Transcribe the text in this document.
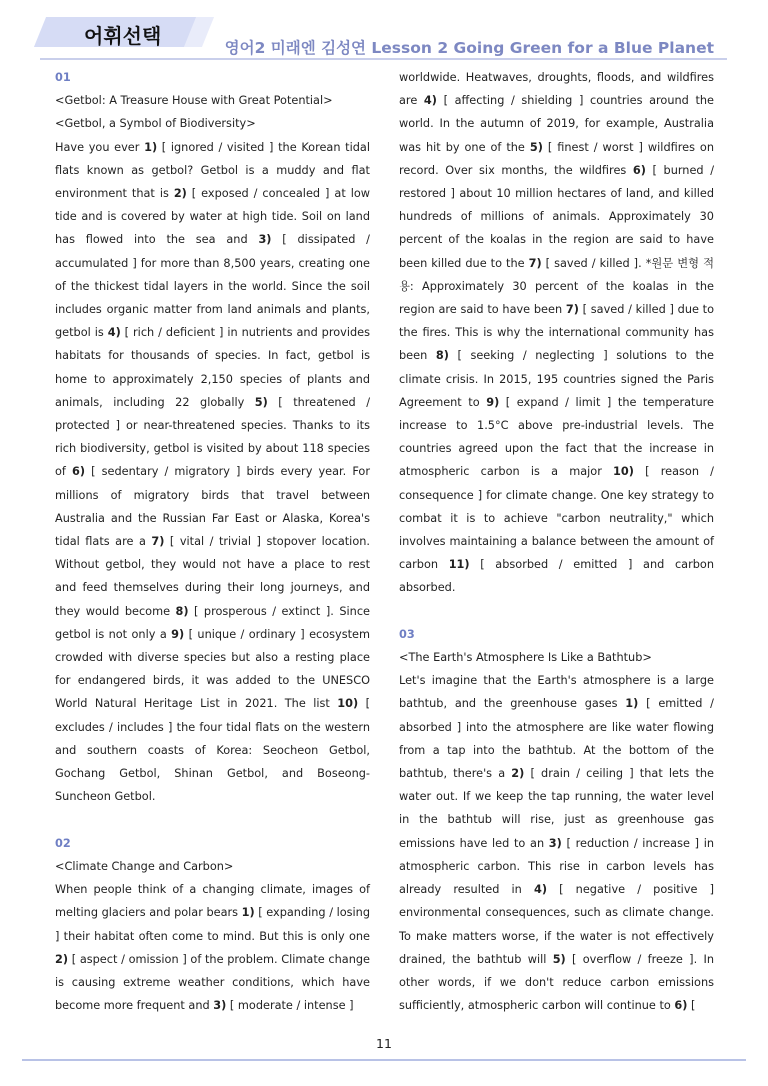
어휘선택	영어2 미래엔 김성연 Lesson 2 Going Green for a Blue Planet

01

<Getbol: A Treasure House with Great Potential>

<Getbol, a Symbol of Biodiversity>

Have you ever 1) [ ignored / visited ] the Korean tidal flats known as getbol? Getbol is a muddy and flat environment that is 2) [ exposed / concealed ] at low tide and is covered by water at high tide. Soil on land has flowed into the sea and 3) [ dissipated / accumulated ] for more than 8,500 years, creating one of the thickest tidal layers in the world. Since the soil includes organic matter from land animals and plants, getbol is 4) [ rich / deficient ] in nutrients and provides habitats for thousands of species. In fact, getbol is home to approximately 2,150 species of plants and animals, including 22 globally 5) [ threatened / protected ] or near-threatened species. Thanks to its rich biodiversity, getbol is visited by about 118 species of 6) [ sedentary / migratory ] birds every year. For millions of migratory birds that travel between Australia and the Russian Far East or Alaska, Korea's tidal flats are a 7) [ vital / trivial ] stopover location. Without getbol, they would not have a place to rest and feed themselves during their long journeys, and they would become 8) [ prosperous / extinct ]. Since getbol is not only a 9) [ unique / ordinary ] ecosystem crowded with diverse species but also a resting place for endangered birds, it was added to the UNESCO World Natural Heritage List in 2021. The list 10) [ excludes / includes ] the four tidal flats on the western and southern coasts of Korea: Seocheon Getbol, Gochang Getbol, Shinan Getbol, and Boseong-Suncheon Getbol.

02

<Climate Change and Carbon>

When people think of a changing climate, images of melting glaciers and polar bears 1) [ expanding / losing ] their habitat often come to mind. But this is only one 2) [ aspect / omission ] of the problem. Climate change is causing extreme weather conditions, which have become more frequent and 3) [ moderate / intense ]

worldwide. Heatwaves, droughts, floods, and wildfires are 4) [ affecting / shielding ] countries around the world. In the autumn of 2019, for example, Australia was hit by one of the 5) [ finest / worst ] wildfires on record. Over six months, the wildfires 6) [ burned / restored ] about 10 million hectares of land, and killed hundreds of millions of animals. Approximately 30 percent of the koalas in the region are said to have been killed due to the 7) [ saved / killed ]. *원문 변형 적용: Approximately 30 percent of the koalas in the region are said to have been 7) [ saved / killed ] due to the fires. This is why the international community has been 8) [ seeking / neglecting ] solutions to the climate crisis. In 2015, 195 countries signed the Paris Agreement to 9) [ expand / limit ] the temperature increase to 1.5°C above pre-industrial levels. The countries agreed upon the fact that the increase in atmospheric carbon is a major 10) [ reason / consequence ] for climate change. One key strategy to combat it is to achieve "carbon neutrality," which involves maintaining a balance between the amount of carbon 11) [ absorbed / emitted ] and carbon absorbed.

03

<The Earth's Atmosphere Is Like a Bathtub>

Let's imagine that the Earth's atmosphere is a large bathtub, and the greenhouse gases 1) [ emitted / absorbed ] into the atmosphere are like water flowing from a tap into the bathtub. At the bottom of the bathtub, there's a 2) [ drain / ceiling ] that lets the water out. If we keep the tap running, the water level in the bathtub will rise, just as greenhouse gas emissions have led to an 3) [ reduction / increase ] in atmospheric carbon. This rise in carbon levels has already resulted in 4) [ negative / positive ] environmental consequences, such as climate change. To make matters worse, if the water is not effectively drained, the bathtub will 5) [ overflow / freeze ]. In other words, if we don't reduce carbon emissions sufficiently, atmospheric carbon will continue to 6) [

11
